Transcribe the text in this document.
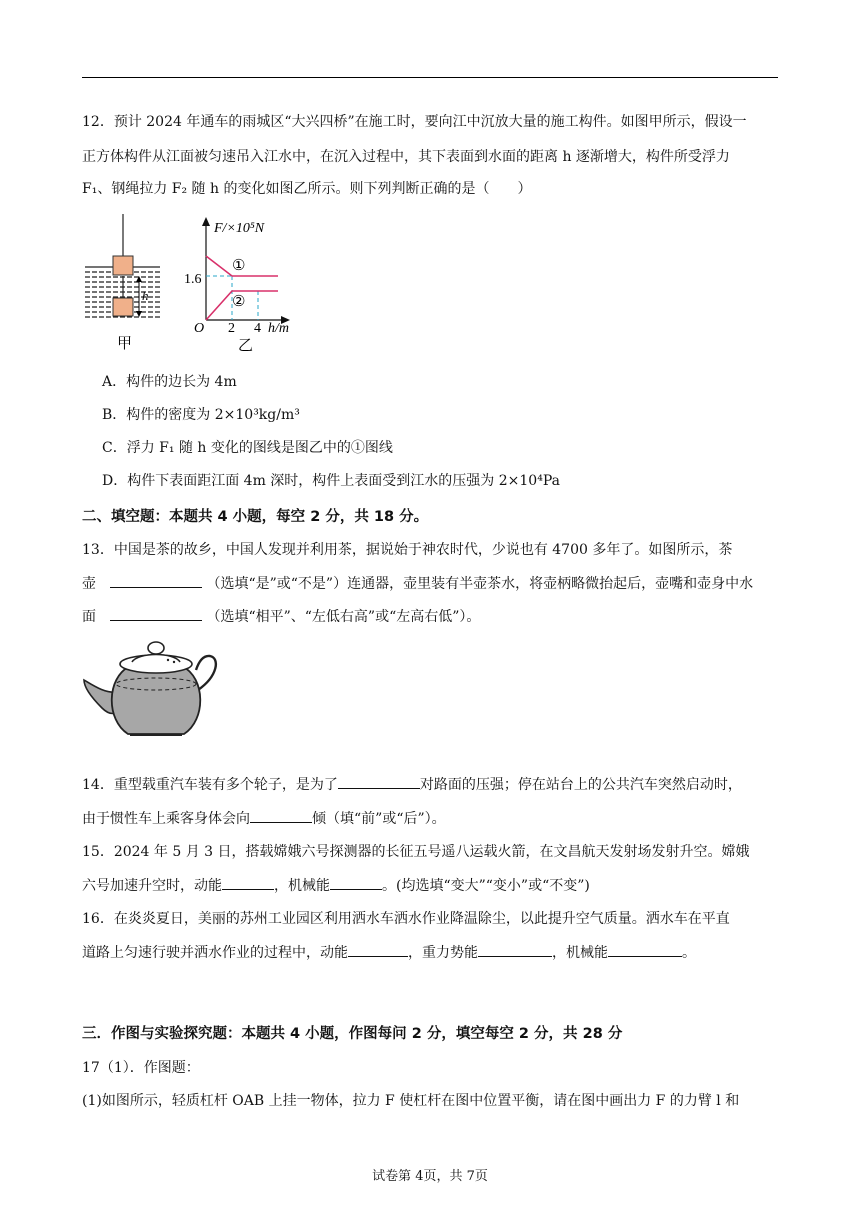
12．预计 2024 年通车的雨城区“大兴四桥”在施工时，要向江中沉放大量的施工构件。如图甲所示，假设一
正方体构件从江面被匀速吊入江水中，在沉入过程中，其下表面到水面的距离 h 逐渐增大，构件所受浮力
F₁、钢绳拉力 F₂ 随 h 的变化如图乙所示。则下列判断正确的是（　　）
h
甲
F/×10⁵N
1.6
O 2 4 h/m
①
②
乙
A．构件的边长为 4m
B．构件的密度为 2×10³kg/m³
C．浮力 F₁ 随 h 变化的图线是图乙中的①图线
D．构件下表面距江面 4m 深时，构件上表面受到江水的压强为 2×10⁴Pa
二、填空题：本题共 4 小题，每空 2 分，共 18 分。
13．中国是茶的故乡，中国人发现并利用茶，据说始于神农时代，少说也有 4700 多年了。如图所示，茶
壶	（选填“是”或“不是”）连通器，壶里装有半壶茶水，将壶柄略微抬起后，壶嘴和壶身中水
面	（选填“相平”、“左低右高”或“左高右低”）。
14．重型载重汽车装有多个轮子，是为了	对路面的压强；停在站台上的公共汽车突然启动时，
由于惯性车上乘客身体会向	倾（填“前”或“后”）。
15．2024 年 5 月 3 日，搭载嫦娥六号探测器的长征五号遥八运载火箭，在文昌航天发射场发射升空。嫦娥
六号加速升空时，动能	，机械能	。(均选填“变大”“变小”或“不变”)
16．在炎炎夏日，美丽的苏州工业园区利用洒水车洒水作业降温除尘，以此提升空气质量。洒水车在平直
道路上匀速行驶并洒水作业的过程中，动能	，重力势能	，机械能	。
三．作图与实验探究题：本题共 4 小题，作图每问 2 分，填空每空 2 分，共 28 分
17（1）．作图题：
(1)如图所示，轻质杠杆 OAB 上挂一物体，拉力 F 使杠杆在图中位置平衡，请在图中画出力 F 的力臂 l 和
试卷第 4页，共 7页
